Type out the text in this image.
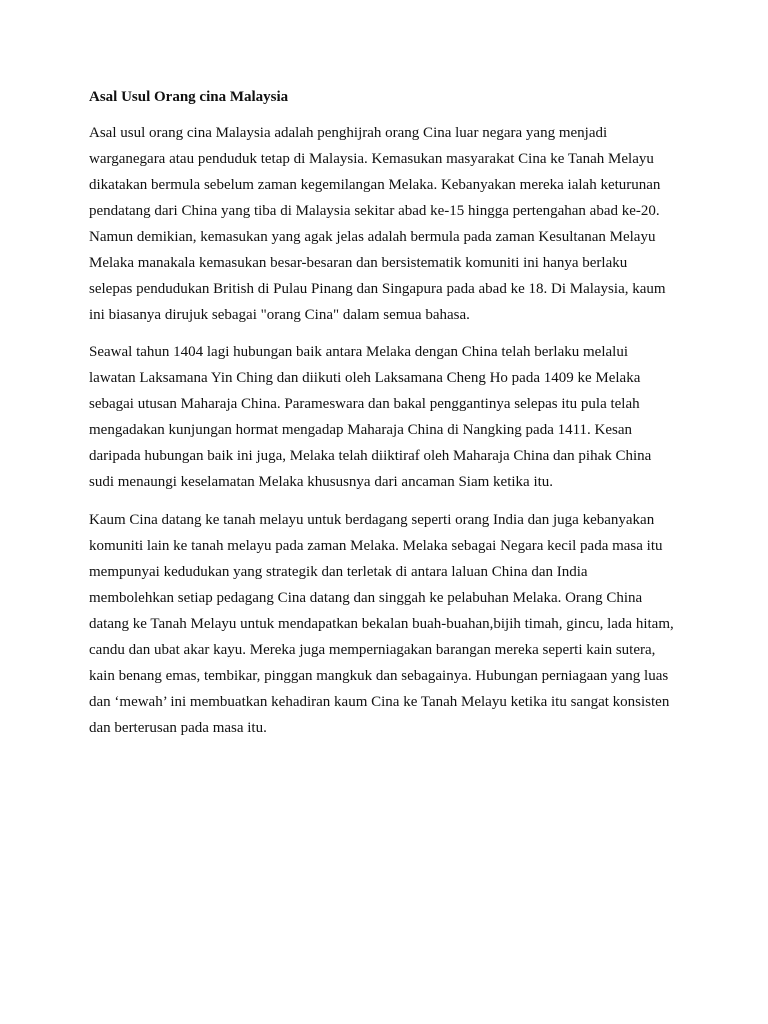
Asal Usul Orang cina Malaysia

Asal usul orang cina Malaysia adalah penghijrah orang Cina luar negara yang menjadi
warganegara atau penduduk tetap di Malaysia. Kemasukan masyarakat Cina ke Tanah Melayu
dikatakan bermula sebelum zaman kegemilangan Melaka. Kebanyakan mereka ialah keturunan
pendatang dari China yang tiba di Malaysia sekitar abad ke-15 hingga pertengahan abad ke-20.
Namun demikian, kemasukan yang agak jelas adalah bermula pada zaman Kesultanan Melayu
Melaka manakala kemasukan besar-besaran dan bersistematik komuniti ini hanya berlaku
selepas pendudukan British di Pulau Pinang dan Singapura pada abad ke 18. Di Malaysia, kaum
ini biasanya dirujuk sebagai "orang Cina" dalam semua bahasa.

Seawal tahun 1404 lagi hubungan baik antara Melaka dengan China telah berlaku melalui
lawatan Laksamana Yin Ching dan diikuti oleh Laksamana Cheng Ho pada 1409 ke Melaka
sebagai utusan Maharaja China. Parameswara dan bakal penggantinya selepas itu pula telah
mengadakan kunjungan hormat mengadap Maharaja China di Nangking pada 1411. Kesan
daripada hubungan baik ini juga, Melaka telah diiktiraf oleh Maharaja China dan pihak China
sudi menaungi keselamatan Melaka khususnya dari ancaman Siam ketika itu.

Kaum Cina datang ke tanah melayu untuk berdagang seperti orang India dan juga kebanyakan
komuniti lain ke tanah melayu pada zaman Melaka. Melaka sebagai Negara kecil pada masa itu
mempunyai kedudukan yang strategik dan terletak di antara laluan China dan India
membolehkan setiap pedagang Cina datang dan singgah ke pelabuhan Melaka. Orang China
datang ke Tanah Melayu untuk mendapatkan bekalan buah-buahan,bijih timah, gincu, lada hitam,
candu dan ubat akar kayu. Mereka juga memperniagakan barangan mereka seperti kain sutera,
kain benang emas, tembikar, pinggan mangkuk dan sebagainya. Hubungan perniagaan yang luas
dan ‘mewah’ ini membuatkan kehadiran kaum Cina ke Tanah Melayu ketika itu sangat konsisten
dan berterusan pada masa itu.
